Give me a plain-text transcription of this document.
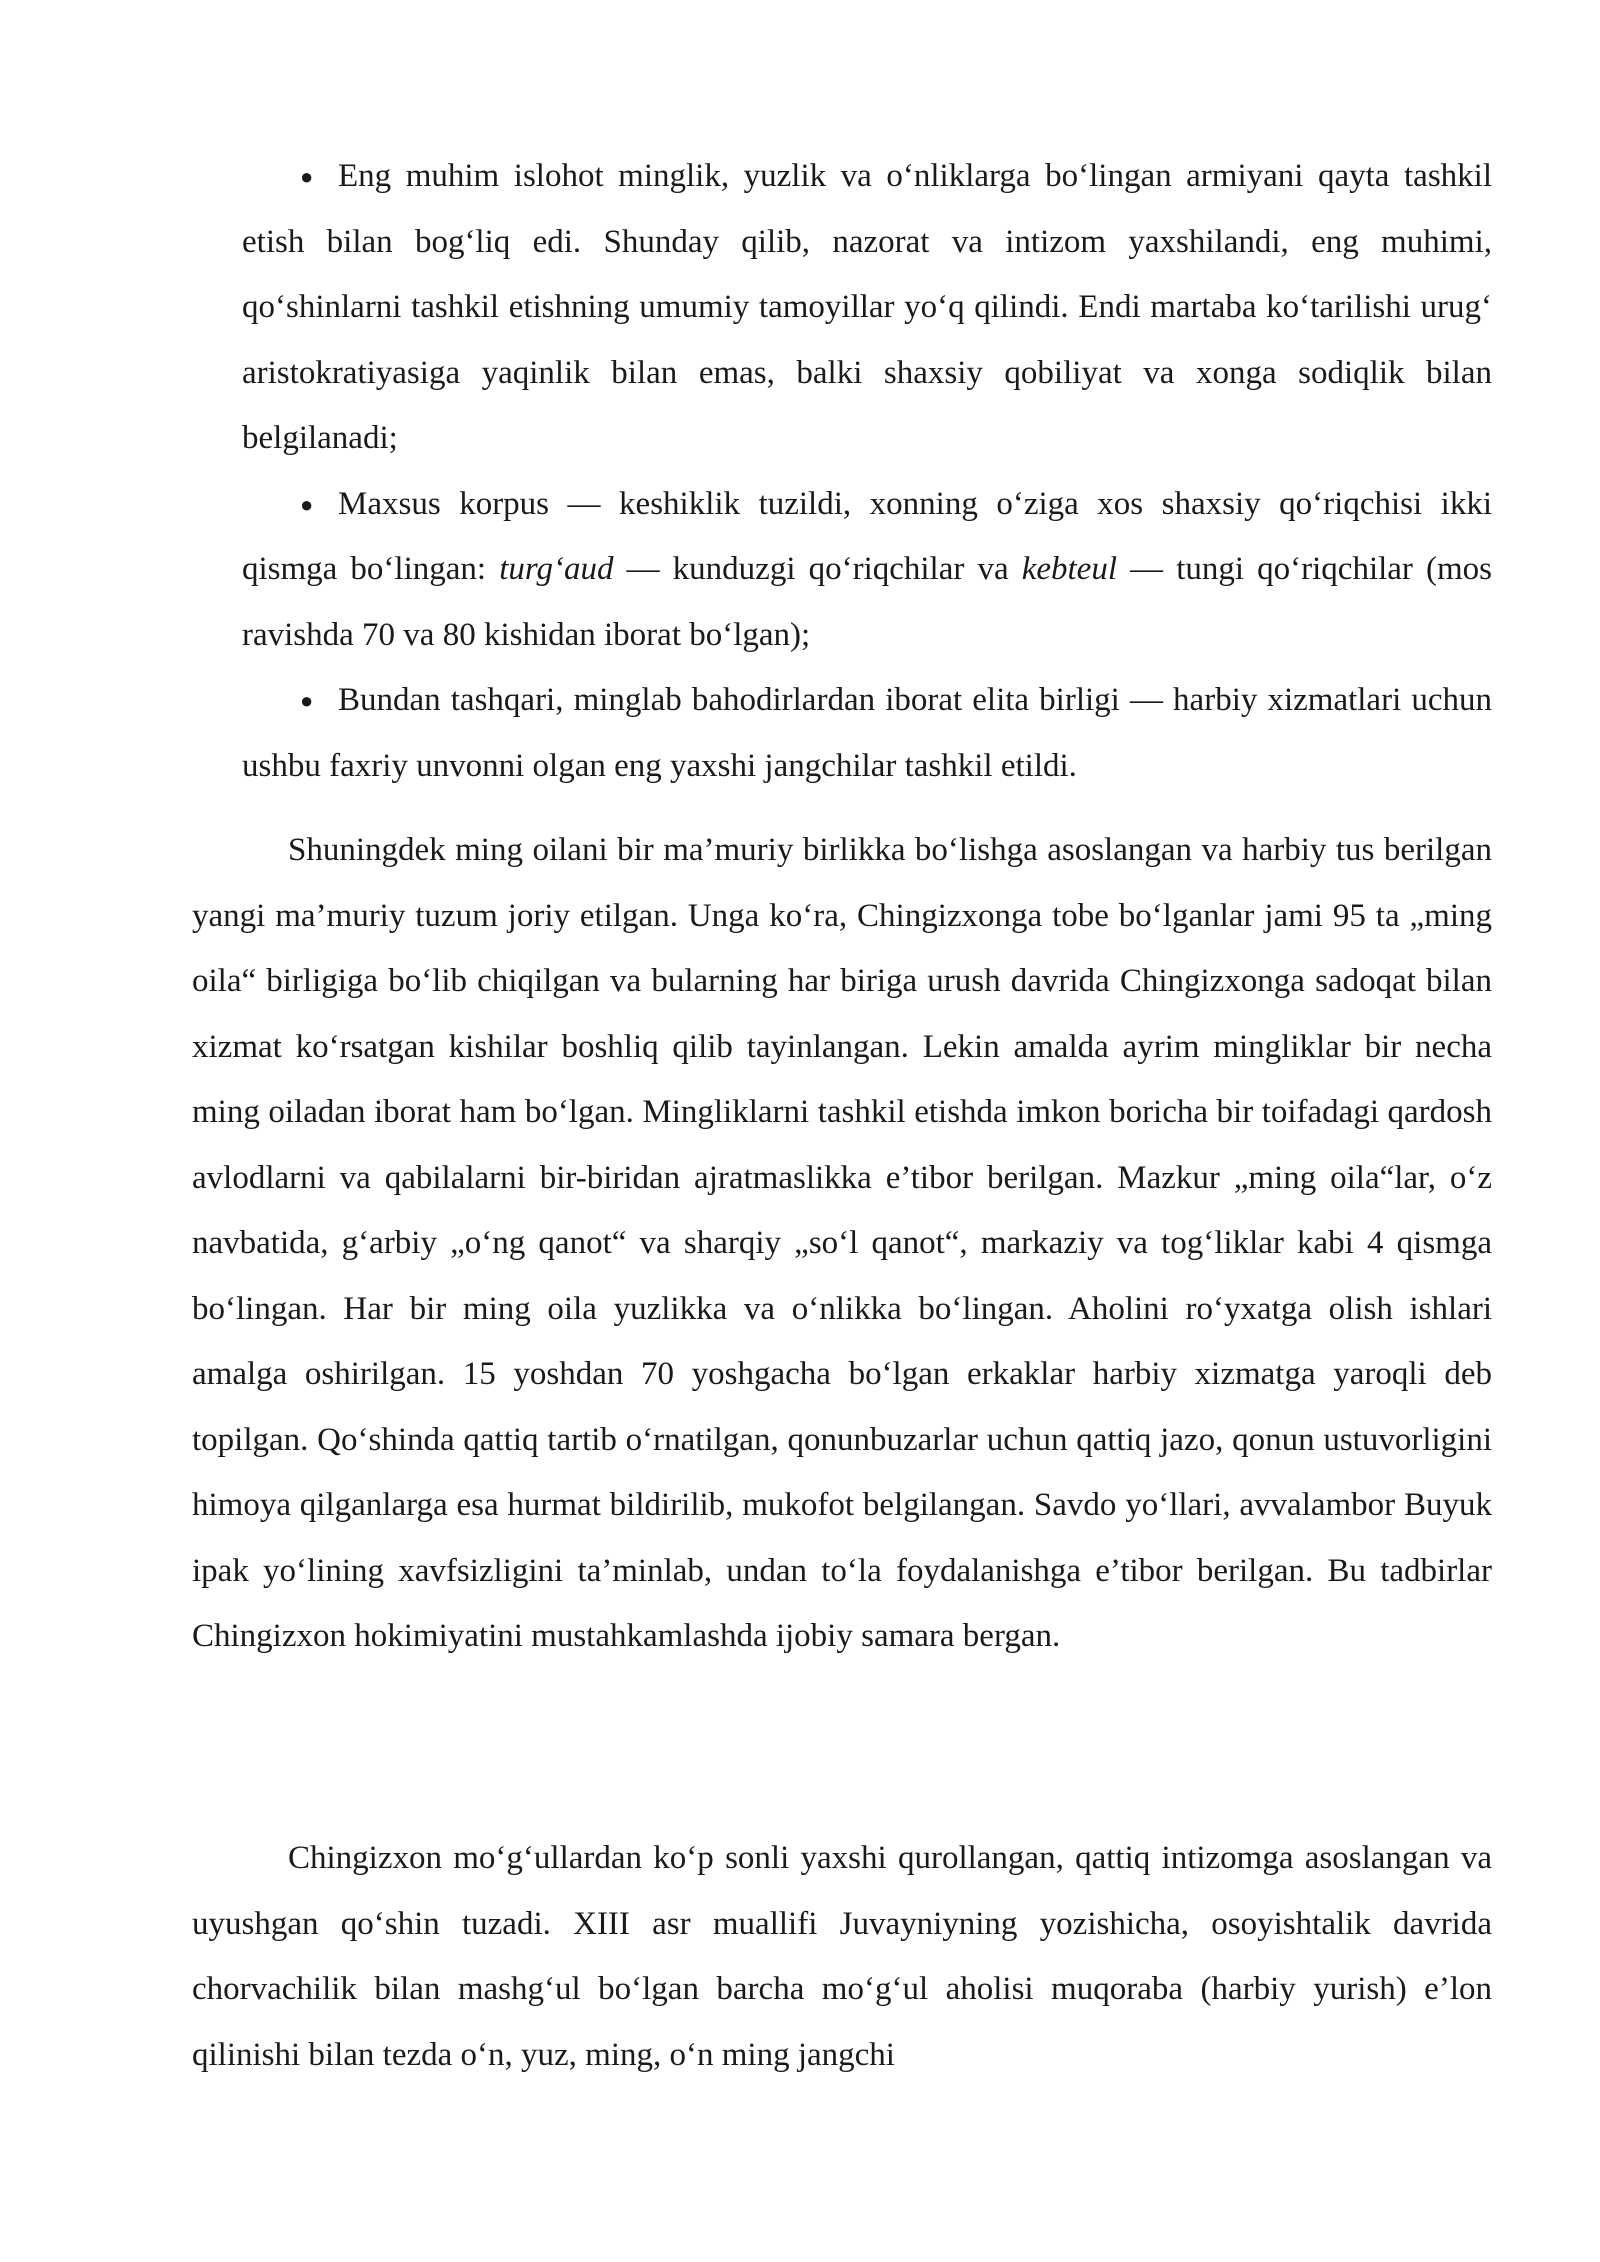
● Eng muhim islohot minglik, yuzlik va o‘nliklarga bo‘lingan armiyani qayta tashkil etish bilan bog‘liq edi. Shunday qilib, nazorat va intizom yaxshilandi, eng muhimi, qo‘shinlarni tashkil etishning umumiy tamoyillar yo‘q qilindi. Endi martaba ko‘tarilishi urug‘ aristokratiyasiga yaqinlik bilan emas, balki shaxsiy qobiliyat va xonga sodiqlik bilan belgilanadi;

● Maxsus korpus — keshiklik tuzildi, xonning o‘ziga xos shaxsiy qo‘riqchisi ikki qismga bo‘lingan: turg‘aud — kunduzgi qo‘riqchilar va kebteul — tungi qo‘riqchilar (mos ravishda 70 va 80 kishidan iborat bo‘lgan);

● Bundan tashqari, minglab bahodirlardan iborat elita birligi — harbiy xizmatlari uchun ushbu faxriy unvonni olgan eng yaxshi jangchilar tashkil etildi.

Shuningdek ming oilani bir ma’muriy birlikka bo‘lishga asoslangan va harbiy tus berilgan yangi ma’muriy tuzum joriy etilgan. Unga ko‘ra, Chingizxonga tobe bo‘lganlar jami 95 ta „ming oila“ birligiga bo‘lib chiqilgan va bularning har biriga urush davrida Chingizxonga sadoqat bilan xizmat ko‘rsatgan kishilar boshliq qilib tayinlangan. Lekin amalda ayrim mingliklar bir necha ming oiladan iborat ham bo‘lgan. Mingliklarni tashkil etishda imkon boricha bir toifadagi qardosh avlodlarni va qabilalarni bir-biridan ajratmaslikka e’tibor berilgan. Mazkur „ming oila“lar, o‘z navbatida, g‘arbiy „o‘ng qanot“ va sharqiy „so‘l qanot“, markaziy va tog‘liklar kabi 4 qismga bo‘lingan. Har bir ming oila yuzlikka va o‘nlikka bo‘lingan. Aholini ro‘yxatga olish ishlari amalga oshirilgan. 15 yoshdan 70 yoshgacha bo‘lgan erkaklar harbiy xizmatga yaroqli deb topilgan. Qo‘shinda qattiq tartib o‘rnatilgan, qonunbuzarlar uchun qattiq jazo, qonun ustuvorligini himoya qilganlarga esa hurmat bildirilib, mukofot belgilangan. Savdo yo‘llari, avvalambor Buyuk ipak yo‘lining xavfsizligini ta’minlab, undan to‘la foydalanishga e’tibor berilgan. Bu tadbirlar Chingizxon hokimiyatini mustahkamlashda ijobiy samara bergan.

Chingizxon mo‘g‘ullardan ko‘p sonli yaxshi qurollangan, qattiq intizomga asoslangan va uyushgan qo‘shin tuzadi. XIII asr muallifi Juvayniyning yozishicha, osoyishtalik davrida chorvachilik bilan mashg‘ul bo‘lgan barcha mo‘g‘ul aholisi muqoraba (harbiy yurish) e’lon qilinishi bilan tezda o‘n, yuz, ming, o‘n ming jangchi
